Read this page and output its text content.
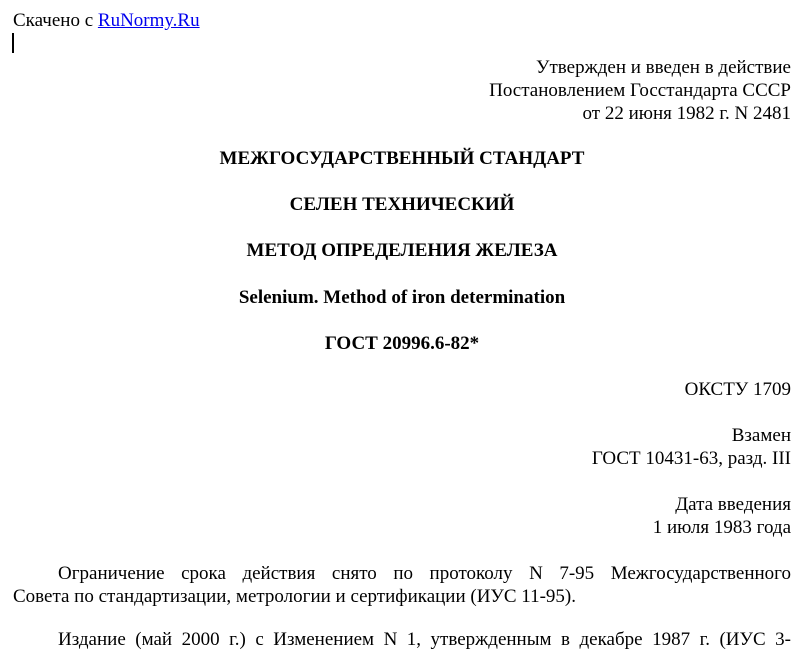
Скачено с RuNormy.Ru
Утвержден и введен в действие
Постановлением Госстандарта СССР
от 22 июня 1982 г. N 2481
МЕЖГОСУДАРСТВЕННЫЙ СТАНДАРТ
СЕЛЕН ТЕХНИЧЕСКИЙ
МЕТОД ОПРЕДЕЛЕНИЯ ЖЕЛЕЗА
Selenium. Method of iron determination
ГОСТ 20996.6-82*
ОКСТУ 1709
Взамен
ГОСТ 10431-63, разд. III
Дата введения
1 июля 1983 года
Ограничение срока действия снято по протоколу N 7-95 Межгосударственного
Совета по стандартизации, метрологии и сертификации (ИУС 11-95).
Издание (май 2000 г.) с Изменением N 1, утвержденным в декабре 1987 г. (ИУС 3-
